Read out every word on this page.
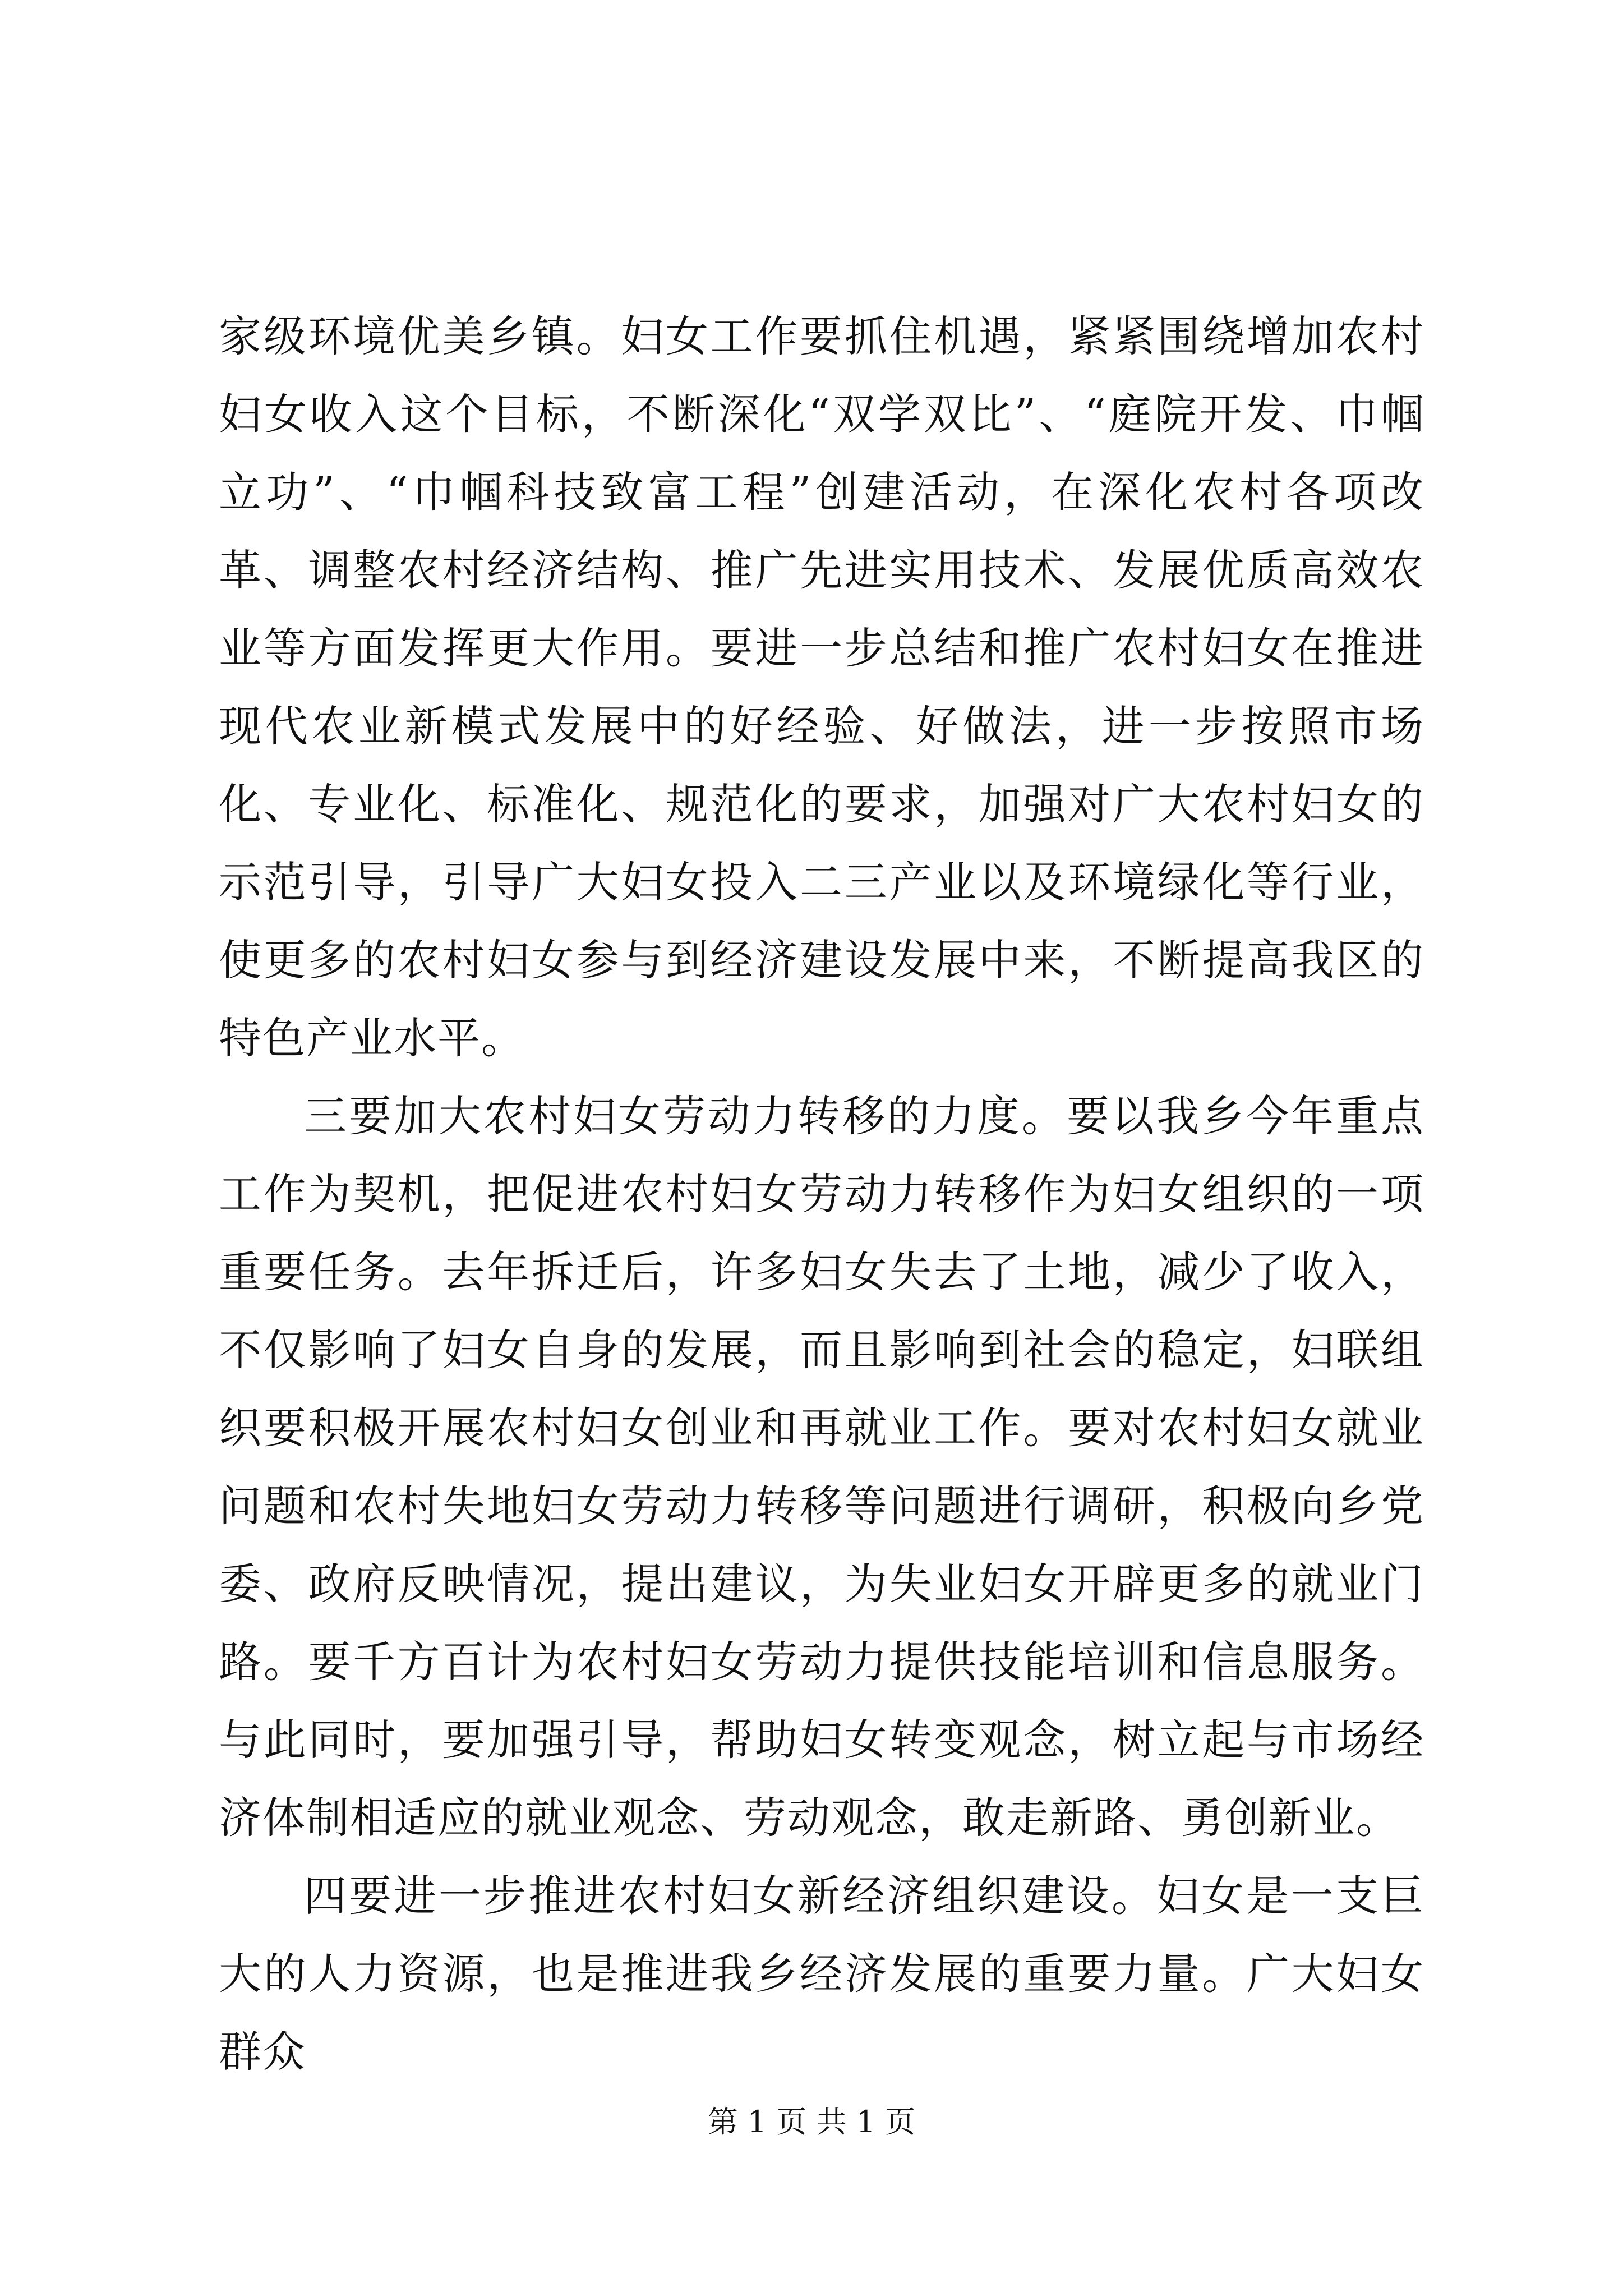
家级环境优美乡镇。妇女工作要抓住机遇，紧紧围绕增加农村妇女收入这个目标，不断深化“双学双比”、“庭院开发、巾帼立功”、“巾帼科技致富工程”创建活动，在深化农村各项改革、调整农村经济结构、推广先进实用技术、发展优质高效农业等方面发挥更大作用。要进一步总结和推广农村妇女在推进现代农业新模式发展中的好经验、好做法，进一步按照市场化、专业化、标准化、规范化的要求，加强对广大农村妇女的示范引导，引导广大妇女投入二三产业以及环境绿化等行业，使更多的农村妇女参与到经济建设发展中来，不断提高我区的特色产业水平。

三要加大农村妇女劳动力转移的力度。要以我乡今年重点工作为契机，把促进农村妇女劳动力转移作为妇女组织的一项重要任务。去年拆迁后，许多妇女失去了土地，减少了收入，不仅影响了妇女自身的发展，而且影响到社会的稳定，妇联组织要积极开展农村妇女创业和再就业工作。要对农村妇女就业问题和农村失地妇女劳动力转移等问题进行调研，积极向乡党委、政府反映情况，提出建议，为失业妇女开辟更多的就业门路。要千方百计为农村妇女劳动力提供技能培训和信息服务。与此同时，要加强引导，帮助妇女转变观念，树立起与市场经济体制相适应的就业观念、劳动观念，敢走新路、勇创新业。

四要进一步推进农村妇女新经济组织建设。妇女是一支巨大的人力资源，也是推进我乡经济发展的重要力量。广大妇女群众

第 1 页 共 1 页
